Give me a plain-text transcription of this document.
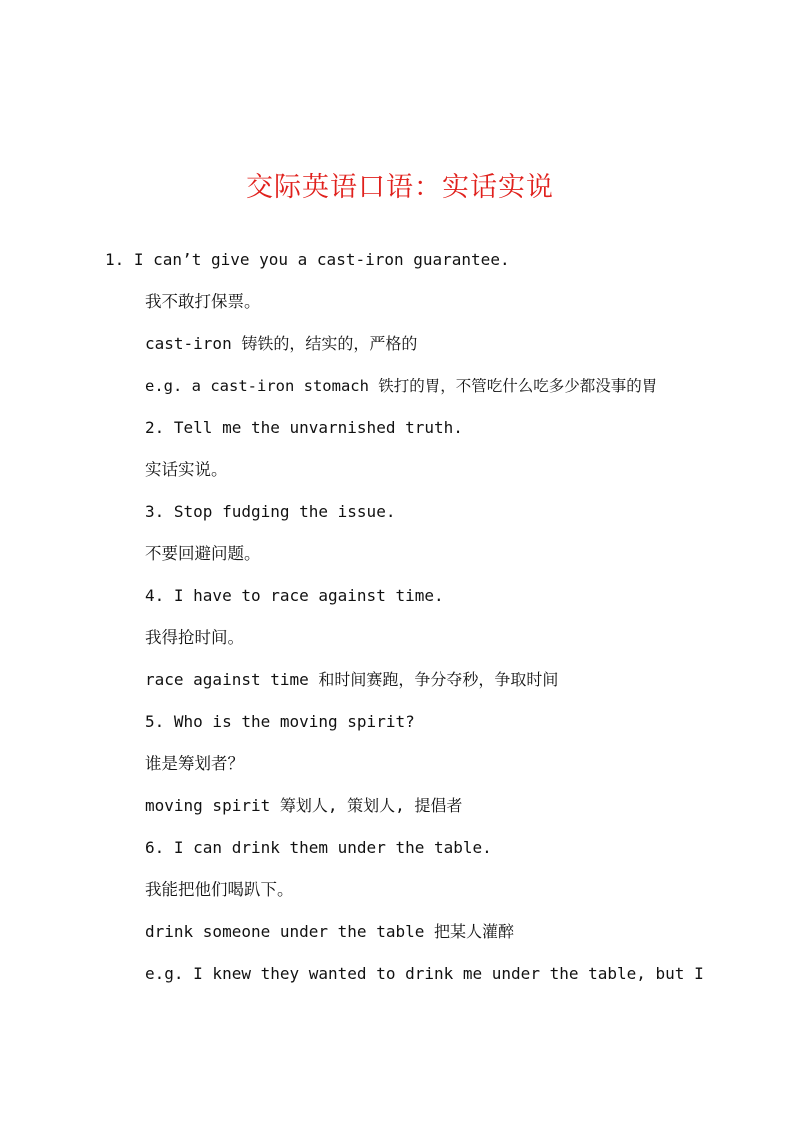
交际英语口语：实话实说
1. I can’t give you a cast-iron guarantee.
我不敢打保票。
cast-iron 铸铁的，结实的，严格的
e.g. a cast-iron stomach 铁打的胃，不管吃什么吃多少都没事的胃
2. Tell me the unvarnished truth.
实话实说。
3. Stop fudging the issue.
不要回避问题。
4. I have to race against time.
我得抢时间。
race against time 和时间赛跑，争分夺秒，争取时间
5. Who is the moving spirit?
谁是筹划者？
moving spirit 筹划人, 策划人, 提倡者
6. I can drink them under the table.
我能把他们喝趴下。
drink someone under the table 把某人灌醉
e.g. I knew they wanted to drink me under the table, but I
